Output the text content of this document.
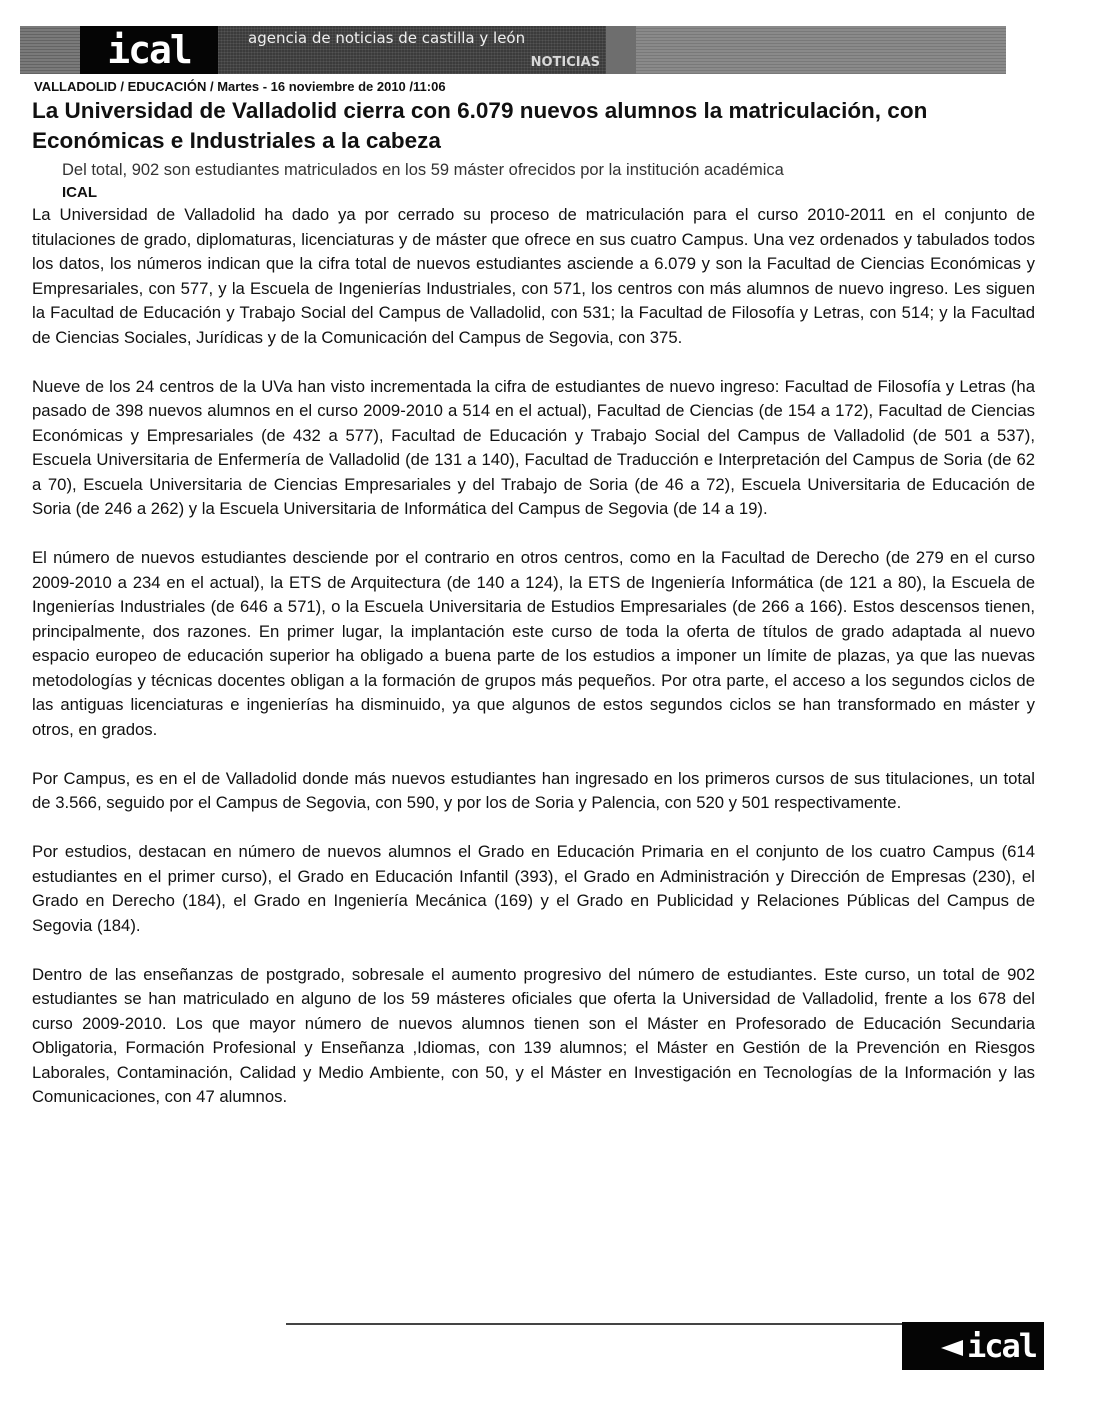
ical	agencia de noticias de castilla y león
NOTICIAS
VALLADOLID / EDUCACIÓN / Martes - 16 noviembre de 2010 /11:06
La Universidad de Valladolid cierra con 6.079 nuevos alumnos la matriculación, con Económicas e Industriales a la cabeza
Del total, 902 son estudiantes matriculados en los 59 máster ofrecidos por la institución académica
ICAL

La Universidad de Valladolid ha dado ya por cerrado su proceso de matriculación para el curso 2010-2011 en el conjunto de titulaciones de grado, diplomaturas, licenciaturas y de máster que ofrece en sus cuatro Campus. Una vez ordenados y tabulados todos los datos, los números indican que la cifra total de nuevos estudiantes asciende a 6.079 y son la Facultad de Ciencias Económicas y Empresariales, con 577, y la Escuela de Ingenierías Industriales, con 571, los centros con más alumnos de nuevo ingreso. Les siguen la Facultad de Educación y Trabajo Social del Campus de Valladolid, con 531; la Facultad de Filosofía y Letras, con 514; y la Facultad de Ciencias Sociales, Jurídicas y de la Comunicación del Campus de Segovia, con 375.

Nueve de los 24 centros de la UVa han visto incrementada la cifra de estudiantes de nuevo ingreso: Facultad de Filosofía y Letras (ha pasado de 398 nuevos alumnos en el curso 2009-2010 a 514 en el actual), Facultad de Ciencias (de 154 a 172), Facultad de Ciencias Económicas y Empresariales (de 432 a 577), Facultad de Educación y Trabajo Social del Campus de Valladolid (de 501 a 537), Escuela Universitaria de Enfermería de Valladolid (de 131 a 140), Facultad de Traducción e Interpretación del Campus de Soria (de 62 a 70), Escuela Universitaria de Ciencias Empresariales y del Trabajo de Soria (de 46 a 72), Escuela Universitaria de Educación de Soria (de 246 a 262) y la Escuela Universitaria de Informática del Campus de Segovia (de 14 a 19).

El número de nuevos estudiantes desciende por el contrario en otros centros, como en la Facultad de Derecho (de 279 en el curso 2009-2010 a 234 en el actual), la ETS de Arquitectura (de 140 a 124), la ETS de Ingeniería Informática (de 121 a 80), la Escuela de Ingenierías Industriales (de 646 a 571), o la Escuela Universitaria de Estudios Empresariales (de 266 a 166). Estos descensos tienen, principalmente, dos razones. En primer lugar, la implantación este curso de toda la oferta de títulos de grado adaptada al nuevo espacio europeo de educación superior ha obligado a buena parte de los estudios a imponer un límite de plazas, ya que las nuevas metodologías y técnicas docentes obligan a la formación de grupos más pequeños. Por otra parte, el acceso a los segundos ciclos de las antiguas licenciaturas e ingenierías ha disminuido, ya que algunos de estos segundos ciclos se han transformado en máster y otros, en grados.

Por Campus, es en el de Valladolid donde más nuevos estudiantes han ingresado en los primeros cursos de sus titulaciones, un total de 3.566, seguido por el Campus de Segovia, con 590, y por los de Soria y Palencia, con 520 y 501 respectivamente.

Por estudios, destacan en número de nuevos alumnos el Grado en Educación Primaria en el conjunto de los cuatro Campus (614 estudiantes en el primer curso), el Grado en Educación Infantil (393), el Grado en Administración y Dirección de Empresas (230), el Grado en Derecho (184), el Grado en Ingeniería Mecánica (169) y el Grado en Publicidad y Relaciones Públicas del Campus de Segovia (184).

Dentro de las enseñanzas de postgrado, sobresale el aumento progresivo del número de estudiantes. Este curso, un total de 902 estudiantes se han matriculado en alguno de los 59 másteres oficiales que oferta la Universidad de Valladolid, frente a los 678 del curso 2009-2010. Los que mayor número de nuevos alumnos tienen son el Máster en Profesorado de Educación Secundaria Obligatoria, Formación Profesional y Enseñanza ,Idiomas, con 139 alumnos; el Máster en Gestión de la Prevención en Riesgos Laborales, Contaminación, Calidad y Medio Ambiente, con 50, y el Máster en Investigación en Tecnologías de la Información y las Comunicaciones, con 47 alumnos.

ical
